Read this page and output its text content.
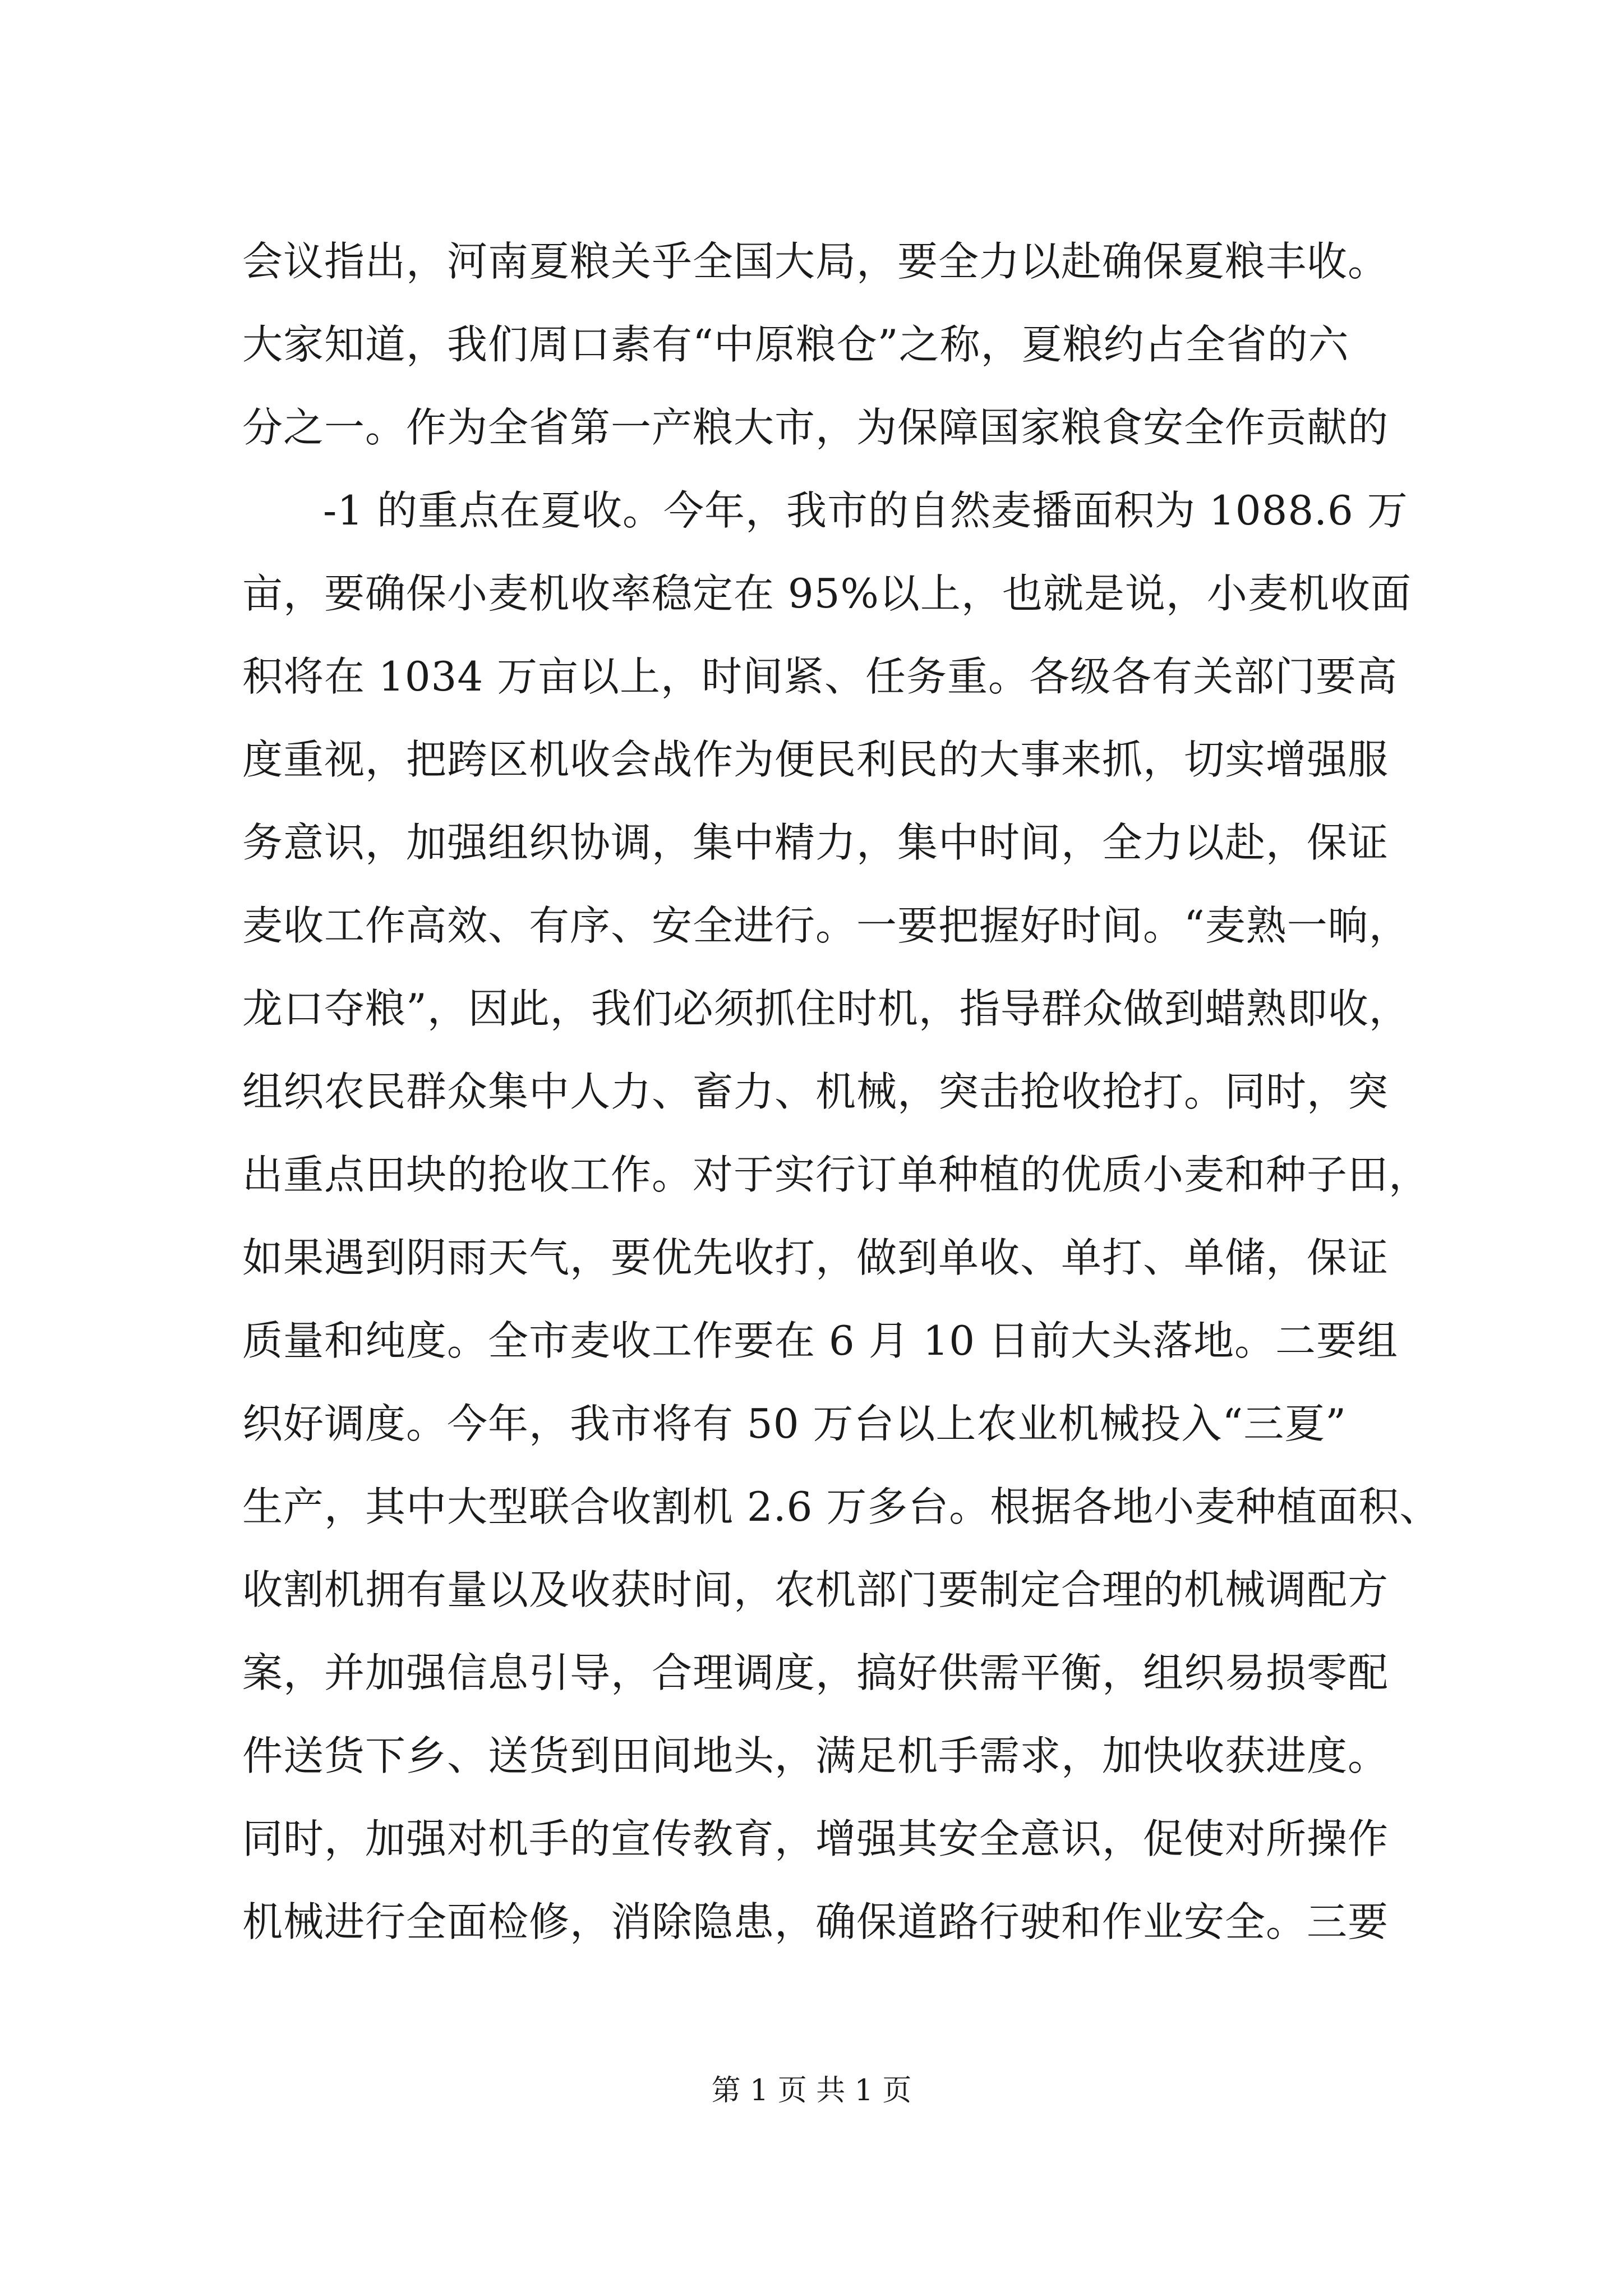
会议指出，河南夏粮关乎全国大局，要全力以赴确保夏粮丰收。
大家知道，我们周口素有“中原粮仓”之称，夏粮约占全省的六
分之一。作为全省第一产粮大市，为保障国家粮食安全作贡献的
-1 的重点在夏收。今年，我市的自然麦播面积为 1088.6 万
亩，要确保小麦机收率稳定在 95%以上，也就是说，小麦机收面
积将在 1034 万亩以上，时间紧、任务重。各级各有关部门要高
度重视，把跨区机收会战作为便民利民的大事来抓，切实增强服
务意识，加强组织协调，集中精力，集中时间，全力以赴，保证
麦收工作高效、有序、安全进行。一要把握好时间。“麦熟一晌，
龙口夺粮”，因此，我们必须抓住时机，指导群众做到蜡熟即收，
组织农民群众集中人力、畜力、机械，突击抢收抢打。同时，突
出重点田块的抢收工作。对于实行订单种植的优质小麦和种子田，
如果遇到阴雨天气，要优先收打，做到单收、单打、单储，保证
质量和纯度。全市麦收工作要在 6 月 10 日前大头落地。二要组
织好调度。今年，我市将有 50 万台以上农业机械投入“三夏”
生产，其中大型联合收割机 2.6 万多台。根据各地小麦种植面积、
收割机拥有量以及收获时间，农机部门要制定合理的机械调配方
案，并加强信息引导，合理调度，搞好供需平衡，组织易损零配
件送货下乡、送货到田间地头，满足机手需求，加快收获进度。
同时，加强对机手的宣传教育，增强其安全意识，促使对所操作
机械进行全面检修，消除隐患，确保道路行驶和作业安全。三要
第 1 页 共 1 页
